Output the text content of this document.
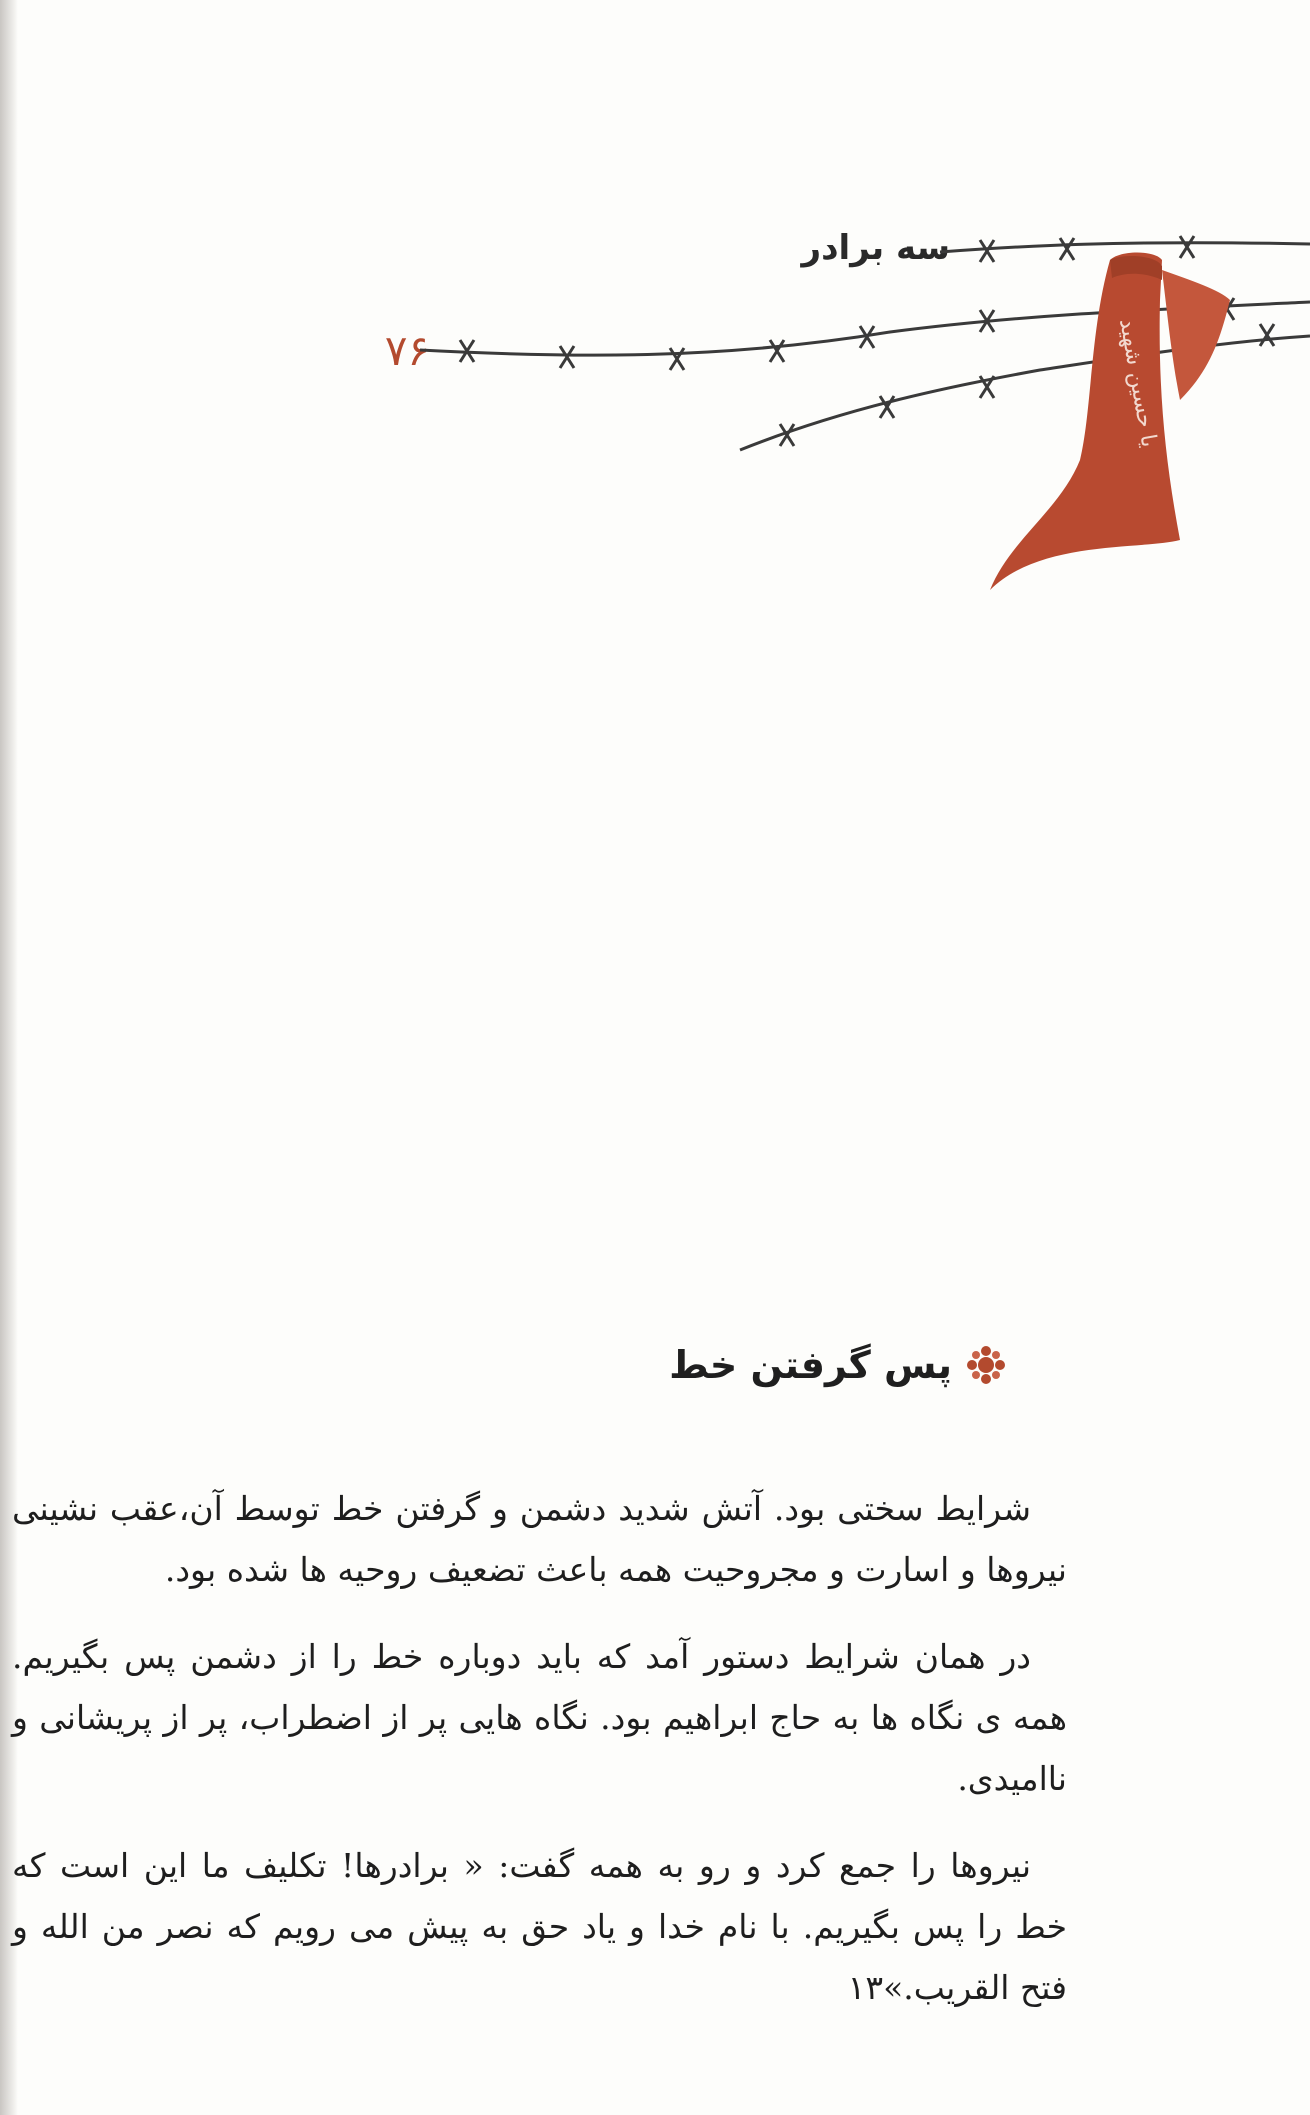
سه برادر
۷۶	یا حسین شهید
پس گرفتن خط

شرایط سختی بود. آتش شدید دشمن و گرفتن خط توسط آن،عقب نشینی نیروها و اسارت و مجروحیت همه باعث تضعیف روحیه ها شده بود.

در همان شرایط دستور آمد که باید دوباره خط را از دشمن پس بگیریم. همه ی نگاه ها به حاج ابراهیم بود. نگاه هایی پر از اضطراب، پر از پریشانی و ناامیدی.

نیروها را جمع کرد و رو به همه گفت: « برادرها! تکلیف ما این است که خط را پس بگیریم. با نام خدا و یاد حق به پیش می رویم که نصر من الله و فتح القریب.»۱۳
